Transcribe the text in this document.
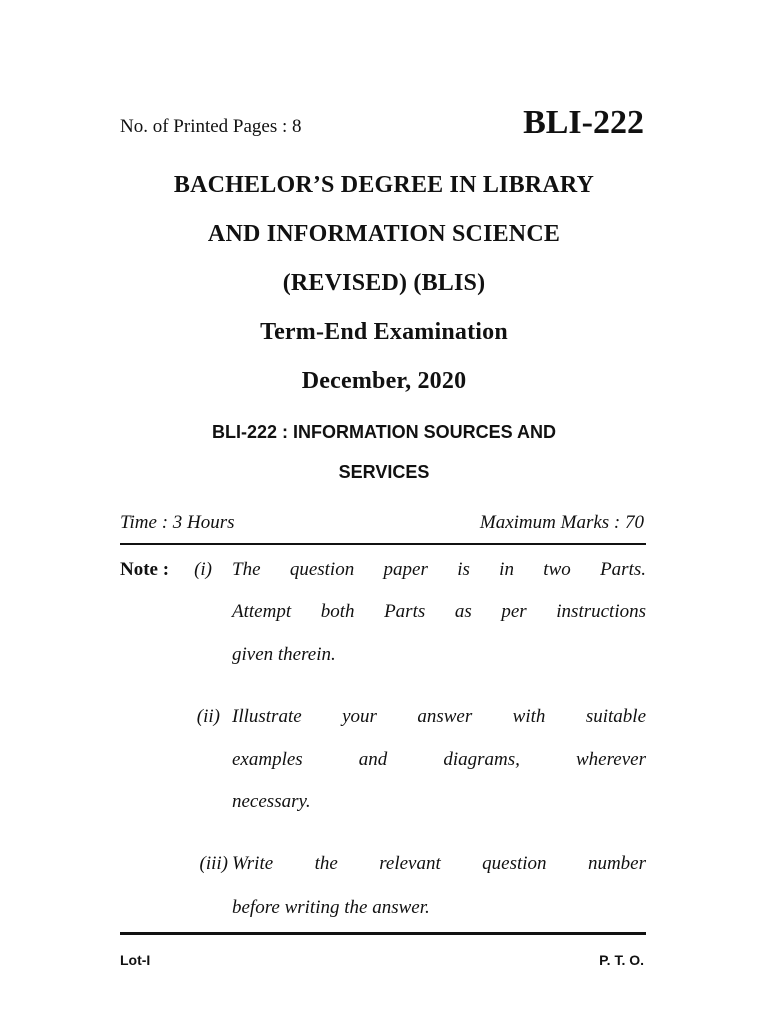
No. of Printed Pages : 8	BLI-222
BACHELOR’S DEGREE IN LIBRARY
AND INFORMATION SCIENCE
(REVISED) (BLIS)
Term-End Examination
December, 2020
BLI-222 : INFORMATION SOURCES AND
SERVICES
Time : 3 Hours	Maximum Marks : 70
Note :	(i) The question paper is in two Parts.
Attempt both Parts as per instructions
given therein.
(ii) Illustrate your answer with suitable
examples and diagrams, wherever
necessary.
(iii) Write the relevant question number
before writing the answer.
Lot-I	P. T. O.
